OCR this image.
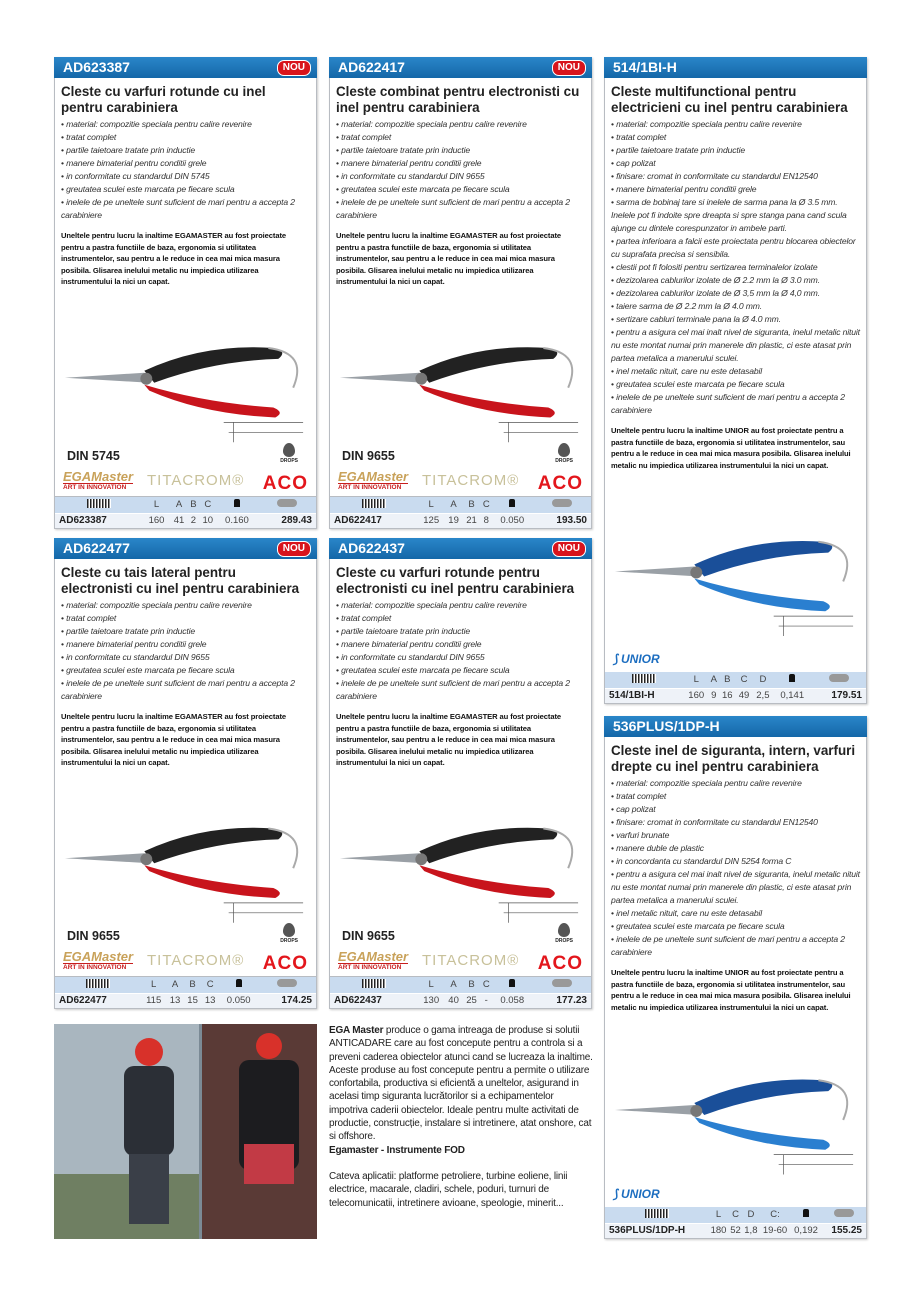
AD623387	NOU
Cleste cu varfuri rotunde cu inel pentru carabiniera
• material: compozitie speciala pentru calire revenire
• tratat complet
• partile taietoare tratate prin inductie
• manere bimaterial pentru conditii grele
• in conformitate cu standardul DIN 5745
• greutatea sculei este marcata pe fiecare scula
• inelele de pe uneltele sunt suficient de mari pentru a accepta 2 carabiniere
Uneltele pentru lucru la inaltime EGAMASTER au fost proiectate pentru a pastra functiile de baza, ergonomia si utilitatea instrumentelor, sau pentru a le reduce in cea mai mica masura posibila. Glisarea inelului metalic nu impiedica utilizarea instrumentului la nici un capat.
DIN 5745	DROPS
EGAMaster
ART IN INNOVATION	TITACROM® ACO
	L	A	B	C		
AD623387	160	41	2	10	0.160	289.43
AD622417	NOU
Cleste combinat pentru electronisti cu inel pentru carabiniera
• material: compozitie speciala pentru calire revenire
• tratat complet
• partile taietoare tratate prin inductie
• manere bimaterial pentru conditii grele
• in conformitate cu standardul DIN 9655
• greutatea sculei este marcata pe fiecare scula
• inelele de pe uneltele sunt suficient de mari pentru a accepta 2 carabiniere
Uneltele pentru lucru la inaltime EGAMASTER au fost proiectate pentru a pastra functiile de baza, ergonomia si utilitatea instrumentelor, sau pentru a le reduce in cea mai mica masura posibila. Glisarea inelului metalic nu impiedica utilizarea instrumentului la nici un capat.
DIN 9655	DROPS
EGAMaster
ART IN INNOVATION	TITACROM® ACO
	L	A	B	C		
AD622417	125	19	21	8	0.050	193.50
514/1BI-H
Cleste multifunctional pentru electricieni cu inel pentru carabiniera
• material: compozitie speciala pentru calire revenire
• tratat complet
• partile taietoare tratate prin inductie
• cap polizat
• finisare: cromat in conformitate cu standardul EN12540
• manere bimaterial pentru conditii grele
• sarma de bobinaj tare si inelele de sarma pana la Ø 3.5 mm. Inelele pot fi indoite spre dreapta si spre stanga pana cand scula ajunge cu dintele corespunzator in ambele parti.
• partea inferioara a falcii este proiectata pentru blocarea obiectelor cu suprafata precisa si sensibila.
• clestii pot fi folositi pentru sertizarea terminalelor izolate
• dezizolarea cablurilor izolate de Ø 2.2 mm la Ø 3.0 mm.
• dezizolarea cablurilor izolate de Ø 3,5 mm la Ø 4,0 mm.
• taiere sarma de Ø 2.2 mm la Ø 4.0 mm.
• sertizare cabluri terminale pana la Ø 4.0 mm.
• pentru a asigura cel mai inalt nivel de siguranta, inelul metalic nituit nu este montat numai prin manerele din plastic, ci este atasat prin partea metalica a manerului sculei.
• inel metalic nituit, care nu este detasabil
• greutatea sculei este marcata pe fiecare scula
• inelele de pe uneltele sunt suficient de mari pentru a accepta 2 carabiniere
Uneltele pentru lucru la inaltime UNIOR au fost proiectate pentru a pastra functiile de baza, ergonomia si utilitatea instrumentelor, sau pentru a le reduce in cea mai mica masura posibila. Glisarea inelului metalic nu impiedica utilizarea instrumentului la nici un capat.
⟆ UNIOR
	L	A	B	C	D		
514/1BI-H	160	9	16	49	2,5	0,141	179.51
AD622477	NOU
Cleste cu tais lateral pentru electronisti cu inel pentru carabiniera
• material: compozitie speciala pentru calire revenire
• tratat complet
• partile taietoare tratate prin inductie
• manere bimaterial pentru conditii grele
• in conformitate cu standardul DIN 9655
• greutatea sculei este marcata pe fiecare scula
• inelele de pe uneltele sunt suficient de mari pentru a accepta 2 carabiniere
Uneltele pentru lucru la inaltime EGAMASTER au fost proiectate pentru a pastra functiile de baza, ergonomia si utilitatea instrumentelor, sau pentru a le reduce in cea mai mica masura posibila. Glisarea inelului metalic nu impiedica utilizarea instrumentului la nici un capat.
DIN 9655	DROPS
EGAMaster
ART IN INNOVATION	TITACROM® ACO
	L	A	B	C		
AD622477	115	13	15	13	0.050	174.25
AD622437	NOU
Cleste cu varfuri rotunde pentru electronisti cu inel pentru carabiniera
• material: compozitie speciala pentru calire revenire
• tratat complet
• partile taietoare tratate prin inductie
• manere bimaterial pentru conditii grele
• in conformitate cu standardul DIN 9655
• greutatea sculei este marcata pe fiecare scula
• inelele de pe uneltele sunt suficient de mari pentru a accepta 2 carabiniere
Uneltele pentru lucru la inaltime EGAMASTER au fost proiectate pentru a pastra functiile de baza, ergonomia si utilitatea instrumentelor, sau pentru a le reduce in cea mai mica masura posibila. Glisarea inelului metalic nu impiedica utilizarea instrumentului la nici un capat.
DIN 9655	DROPS
EGAMaster
ART IN INNOVATION	TITACROM® ACO
	L	A	B	C		
AD622437	130	40	25	-	0.058	177.23
536PLUS/1DP-H
Cleste inel de siguranta, intern, varfuri drepte cu inel pentru carabiniera
• material: compozitie speciala pentru calire revenire
• tratat complet
• cap polizat
• finisare: cromat in conformitate cu standardul EN12540
• varfuri brunate
• manere duble de plastic
• in concordanta cu standardul DIN 5254 forma C
• pentru a asigura cel mai inalt nivel de siguranta, inelul metalic nituit nu este montat numai prin manerele din plastic, ci este atasat prin partea metalica a manerului sculei.
• inel metalic nituit, care nu este detasabil
• greutatea sculei este marcata pe fiecare scula
• inelele de pe uneltele sunt suficient de mari pentru a accepta 2 carabiniere
Uneltele pentru lucru la inaltime UNIOR au fost proiectate pentru a pastra functiile de baza, ergonomia si utilitatea instrumentelor, sau pentru a le reduce in cea mai mica masura posibila. Glisarea inelului metalic nu impiedica utilizarea instrumentului la nici un capat.
⟆ UNIOR
	L	C	D	C:		
536PLUS/1DP-H	180	52	1,8	19-60	0,192	155.25

EGA Master produce o gama intreaga de produse si solutii ANTICADARE care au fost concepute pentru a controla si a preveni caderea obiectelor atunci cand se lucreaza la inaltime. Aceste produse au fost concepute pentru a permite o utilizare confortabila, productiva si eficientă a uneltelor, asigurand in acelasi timp siguranta lucrătorilor si a echipamentelor impotriva caderii obiectelor. Ideale pentru multe activitati de productie, construcție, instalare si intretinere, atat onshore, cat si offshore.

Egamaster - Instrumente FOD

Cateva aplicatii: platforme petroliere, turbine eoliene, linii electrice, macarale, cladiri, schele, poduri, turnuri de telecomunicatii, intretinere avioane, speologie, minerit...
